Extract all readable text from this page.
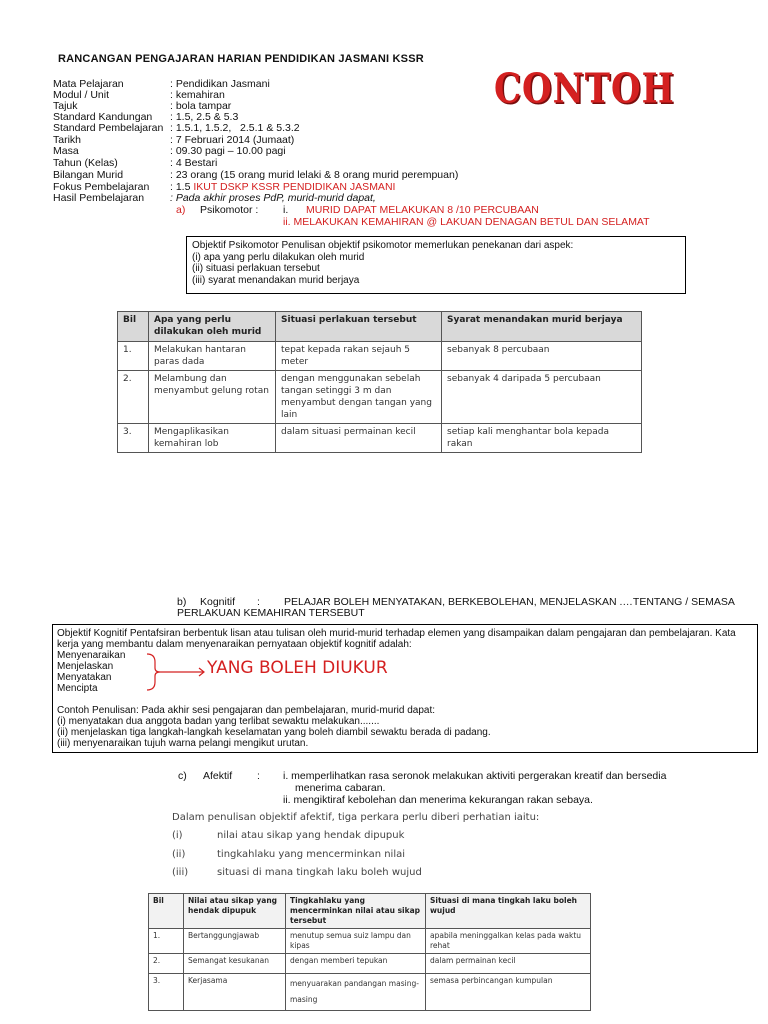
RANCANGAN PENGAJARAN HARIAN PENDIDIKAN JASMANI KSSR
CONTOH
Mata Pelajaran	: Pendidikan Jasmani
Modul / Unit	: kemahiran
Tajuk	: bola tampar
Standard Kandungan : 1.5, 2.5 & 5.3
Standard Pembelajaran : 1.5.1, 1.5.2,   2.5.1 & 5.3.2
Tarikh	: 7 Februari 2014 (Jumaat)
Masa	: 09.30 pagi – 10.00 pagi
Tahun (Kelas)	: 4 Bestari
Bilangan Murid	: 23 orang (15 orang murid lelaki & 8 orang murid perempuan)
Fokus Pembelajaran : 1.5 IKUT DSKP KSSR PENDIDIKAN JASMANI
Hasil Pembelajaran : Pada akhir proses PdP, murid-murid dapat,
a) Psikomotor : i. MURID DAPAT MELAKUKAN 8 /10 PERCUBAAN
ii. MELAKUKAN KEMAHIRAN @ LAKUAN DENAGAN BETUL DAN SELAMAT
Objektif Psikomotor Penulisan objektif psikomotor memerlukan penekanan dari aspek:
(i) apa yang perlu dilakukan oleh murid
(ii) situasi perlakuan tersebut
(iii) syarat menandakan murid berjaya
Bil	Apa yang perlu dilakukan oleh murid	Situasi perlakuan tersebut	Syarat menandakan murid berjaya
1.	Melakukan hantaran paras dada	tepat kepada rakan sejauh 5 meter	sebanyak 8 percubaan
2.	Melambung dan menyambut gelung rotan	dengan menggunakan sebelah tangan setinggi 3 m dan menyambut dengan tangan yang lain	sebanyak 4 daripada 5 percubaan
3.	Mengaplikasikan kemahiran lob	dalam situasi permainan kecil	setiap kali menghantar bola kepada rakan
b) Kognitif : PELAJAR BOLEH MENYATAKAN, BERKEBOLEHAN, MENJELASKAN .…TENTANG / SEMASA
PERLAKUAN KEMAHIRAN TERSEBUT
Objektif Kognitif Pentafsiran berbentuk lisan atau tulisan oleh murid-murid terhadap elemen yang disampaikan dalam pengajaran dan pembelajaran. Kata
kerja yang membantu dalam menyenaraikan pernyataan objektif kognitif adalah:
Menyenaraikan
Menjelaskan
Menyatakan
Mencipta
YANG BOLEH DIUKUR
Contoh Penulisan: Pada akhir sesi pengajaran dan pembelajaran, murid-murid dapat:
(i) menyatakan dua anggota badan yang terlibat sewaktu melakukan.......
(ii) menjelaskan tiga langkah-langkah keselamatan yang boleh diambil sewaktu berada di padang.
(iii) menyenaraikan tujuh warna pelangi mengikut urutan.
c) Afektif : i. memperlihatkan rasa seronok melakukan aktiviti pergerakan kreatif dan bersedia
menerima cabaran.
ii. mengiktiraf kebolehan dan menerima kekurangan rakan sebaya.
Dalam penulisan objektif afektif, tiga perkara perlu diberi perhatian iaitu:
(i)	nilai atau sikap yang hendak dipupuk
(ii)	tingkahlaku yang mencerminkan nilai
(iii)	situasi di mana tingkah laku boleh wujud
Bil	Nilai atau sikap yang hendak dipupuk	Tingkahlaku yang mencerminkan nilai atau sikap tersebut	Situasi di mana tingkah laku boleh wujud
1.	Bertanggungjawab	menutup semua suiz lampu dan kipas	apabila meninggalkan kelas pada waktu rehat
2.	Semangat kesukanan	dengan memberi tepukan	dalam permainan kecil
3.	Kerjasama	menyuarakan pandangan masing-masing	semasa perbincangan kumpulan
